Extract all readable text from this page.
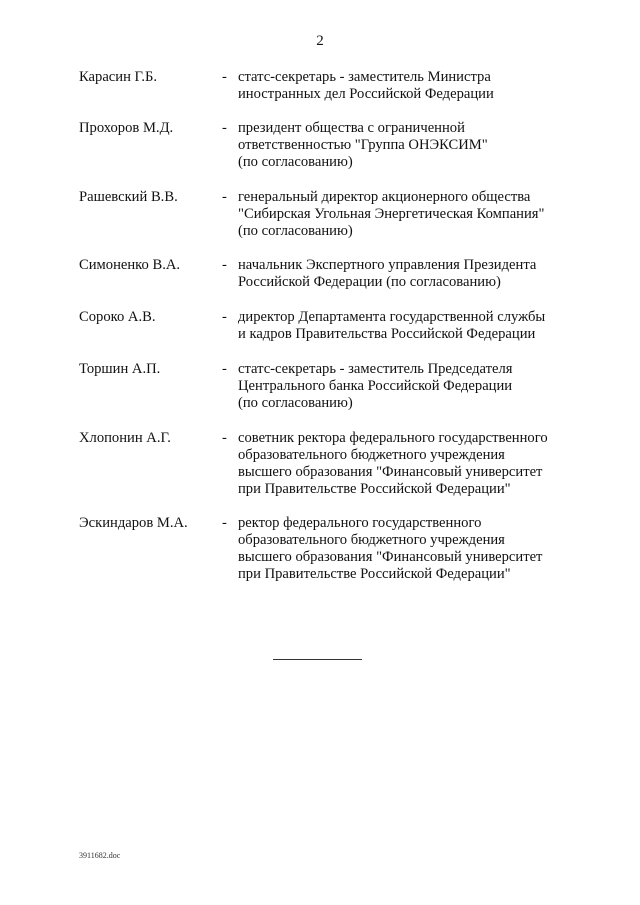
2
Карасин Г.Б.	- статс-секретарь - заместитель Министра
иностранных дел Российской Федерации
Прохоров М.Д.	- президент общества с ограниченной
ответственностью "Группа ОНЭКСИМ"
(по согласованию)
Рашевский В.В.	- генеральный директор акционерного общества
"Сибирская Угольная Энергетическая Компания"
(по согласованию)
Симоненко В.А.	- начальник Экспертного управления Президента
Российской Федерации (по согласованию)
Сороко А.В.	- директор Департамента государственной службы
и кадров Правительства Российской Федерации
Торшин А.П.	- статс-секретарь - заместитель Председателя
Центрального банка Российской Федерации
(по согласованию)
Хлопонин А.Г.	- советник ректора федерального государственного
образовательного бюджетного учреждения
высшего образования "Финансовый университет
при Правительстве Российской Федерации"
Эскиндаров М.А. - ректор федерального государственного
образовательного бюджетного учреждения
высшего образования "Финансовый университет
при Правительстве Российской Федерации"
3911682.doc
